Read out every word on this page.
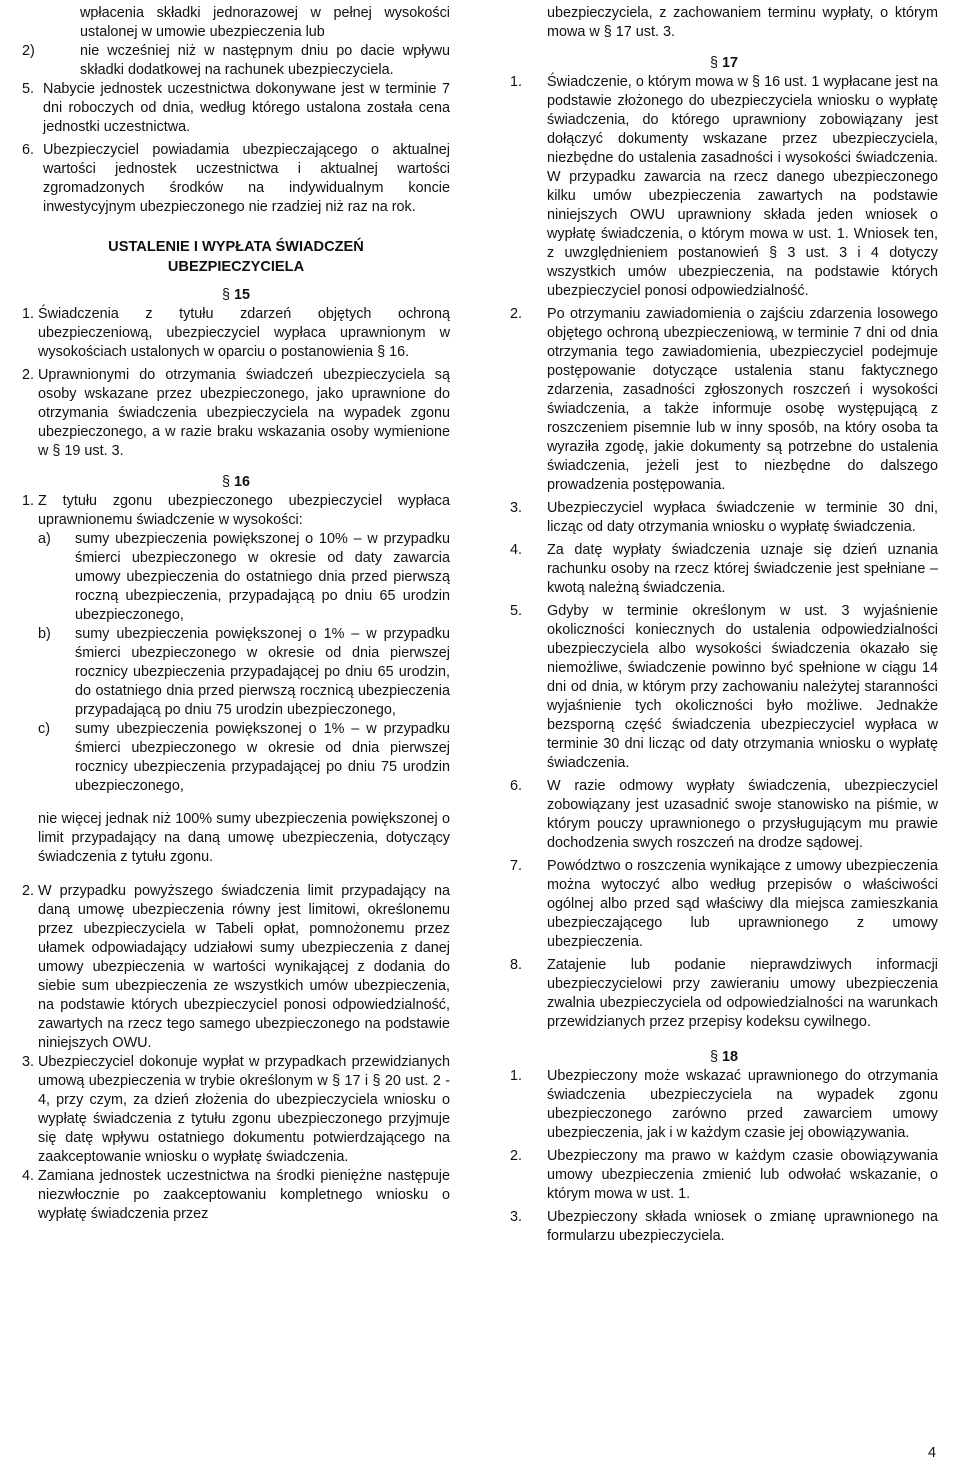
wpłacenia składki jednorazowej w pełnej wysokości ustalonej w umowie ubezpieczenia lub

2)	nie wcześniej niż w następnym dniu po dacie wpływu składki dodatkowej na rachunek ubezpieczyciela.
5. Nabycie jednostek uczestnictwa dokonywane jest w terminie 7 dni roboczych od dnia, według którego ustalona została cena jednostki uczestnictwa.
6. Ubezpieczyciel powiadamia ubezpieczającego o aktualnej wartości jednostek uczestnictwa i aktualnej wartości zgromadzonych środków na indywidualnym koncie inwestycyjnym ubezpieczonego nie rzadziej niż raz na rok.
USTALENIE I WYPŁATA ŚWIADCZEŃ UBEZPIECZYCIELA
§ 15
1. Świadczenia z tytułu zdarzeń objętych ochroną ubezpieczeniową, ubezpieczyciel wypłaca uprawnionym w wysokościach ustalonych w oparciu o postanowienia § 16.
2. Uprawnionymi do otrzymania świadczeń ubezpieczyciela są osoby wskazane przez ubezpieczonego, jako uprawnione do otrzymania świadczenia ubezpieczyciela na wypadek zgonu ubezpieczonego, a w razie braku wskazania osoby wymienione w § 19 ust. 3.
§ 16
1. Z tytułu zgonu ubezpieczonego ubezpieczyciel wypłaca uprawnionemu świadczenie w wysokości:
a)	sumy ubezpieczenia powiększonej o 10% – w przypadku śmierci ubezpieczonego w okresie od daty zawarcia umowy ubezpieczenia do ostatniego dnia przed pierwszą roczną ubezpieczenia, przypadającą po dniu 65 urodzin ubezpieczonego,
b)	sumy ubezpieczenia powiększonej o 1% – w przypadku śmierci ubezpieczonego w okresie od dnia pierwszej rocznicy ubezpieczenia przypadającej po dniu 65 urodzin, do ostatniego dnia przed pierwszą rocznicą ubezpieczenia przypadającą po dniu 75 urodzin ubezpieczonego,
c)	sumy ubezpieczenia powiększonej o 1% – w przypadku śmierci ubezpieczonego w okresie od dnia pierwszej rocznicy ubezpieczenia przypadającej po dniu 75 urodzin ubezpieczonego,

nie więcej jednak niż 100% sumy ubezpieczenia powiększonej o limit przypadający na daną umowę ubezpieczenia, dotyczący świadczenia z tytułu zgonu.

2. W przypadku powyższego świadczenia limit przypadający na daną umowę ubezpieczenia równy jest limitowi, określonemu przez ubezpieczyciela w Tabeli opłat, pomnożonemu przez ułamek odpowiadający udziałowi sumy ubezpieczenia z danej umowy ubezpieczenia w wartości wynikającej z dodania do siebie sum ubezpieczenia ze wszystkich umów ubezpieczenia, na podstawie których ubezpieczyciel ponosi odpowiedzialność, zawartych na rzecz tego samego ubezpieczonego na podstawie niniejszych OWU.
3. Ubezpieczyciel dokonuje wypłat w przypadkach przewidzianych umową ubezpieczenia w trybie określonym w § 17 i § 20 ust. 2 - 4, przy czym, za dzień złożenia do ubezpieczyciela wniosku o wypłatę świadczenia z tytułu zgonu ubezpieczonego przyjmuje się datę wpływu ostatniego dokumentu potwierdzającego na zaakceptowanie wniosku o wypłatę świadczenia.
4. Zamiana jednostek uczestnictwa na środki pieniężne następuje niezwłocznie po zaakceptowaniu kompletnego wniosku o wypłatę świadczenia przez

ubezpieczyciela, z zachowaniem terminu wypłaty, o którym mowa w § 17 ust. 3.

§ 17
1.	Świadczenie, o którym mowa w § 16 ust. 1 wypłacane jest na podstawie złożonego do ubezpieczyciela wniosku o wypłatę świadczenia, do którego uprawniony zobowiązany jest dołączyć dokumenty wskazane przez ubezpieczyciela, niezbędne do ustalenia zasadności i wysokości świadczenia. W przypadku zawarcia na rzecz danego ubezpieczonego kilku umów ubezpieczenia zawartych na podstawie niniejszych OWU uprawniony składa jeden wniosek o wypłatę świadczenia, o którym mowa w ust. 1. Wniosek ten, z uwzględnieniem postanowień § 3 ust. 3 i 4 dotyczy wszystkich umów ubezpieczenia, na podstawie których ubezpieczyciel ponosi odpowiedzialność.
2.	Po otrzymaniu zawiadomienia o zajściu zdarzenia losowego objętego ochroną ubezpieczeniową, w terminie 7 dni od dnia otrzymania tego zawiadomienia, ubezpieczyciel podejmuje postępowanie dotyczące ustalenia stanu faktycznego zdarzenia, zasadności zgłoszonych roszczeń i wysokości świadczenia, a także informuje osobę występującą z roszczeniem pisemnie lub w inny sposób, na który osoba ta wyraziła zgodę, jakie dokumenty są potrzebne do ustalenia świadczenia, jeżeli jest to niezbędne do dalszego prowadzenia postępowania.
3.	Ubezpieczyciel wypłaca świadczenie w terminie 30 dni, licząc od daty otrzymania wniosku o wypłatę świadczenia.
4.	Za datę wypłaty świadczenia uznaje się dzień uznania rachunku osoby na rzecz której świadczenie jest spełniane – kwotą należną świadczenia.
5.	Gdyby w terminie określonym w ust. 3 wyjaśnienie okoliczności koniecznych do ustalenia odpowiedzialności ubezpieczyciela albo wysokości świadczenia okazało się niemożliwe, świadczenie powinno być spełnione w ciągu 14 dni od dnia, w którym przy zachowaniu należytej staranności wyjaśnienie tych okoliczności było możliwe. Jednakże bezsporną część świadczenia ubezpieczyciel wypłaca w terminie 30 dni licząc od daty otrzymania wniosku o wypłatę świadczenia.
6.	W razie odmowy wypłaty świadczenia, ubezpieczyciel zobowiązany jest uzasadnić swoje stanowisko na piśmie, w którym pouczy uprawnionego o przysługującym mu prawie dochodzenia swych roszczeń na drodze sądowej.
7.	Powództwo o roszczenia wynikające z umowy ubezpieczenia można wytoczyć albo według przepisów o właściwości ogólnej albo przed sąd właściwy dla miejsca zamieszkania ubezpieczającego lub uprawnionego z umowy ubezpieczenia.
8.	Zatajenie lub podanie nieprawdziwych informacji ubezpieczycielowi przy zawieraniu umowy ubezpieczenia zwalnia ubezpieczyciela od odpowiedzialności na warunkach przewidzianych przez przepisy kodeksu cywilnego.
§ 18
1.	Ubezpieczony może wskazać uprawnionego do otrzymania świadczenia ubezpieczyciela na wypadek zgonu ubezpieczonego zarówno przed zawarciem umowy ubezpieczenia, jak i w każdym czasie jej obowiązywania.
2.	Ubezpieczony ma prawo w każdym czasie obowiązywania umowy ubezpieczenia zmienić lub odwołać wskazanie, o którym mowa w ust. 1.
3.	Ubezpieczony składa wniosek o zmianę uprawnionego na formularzu ubezpieczyciela.
4
